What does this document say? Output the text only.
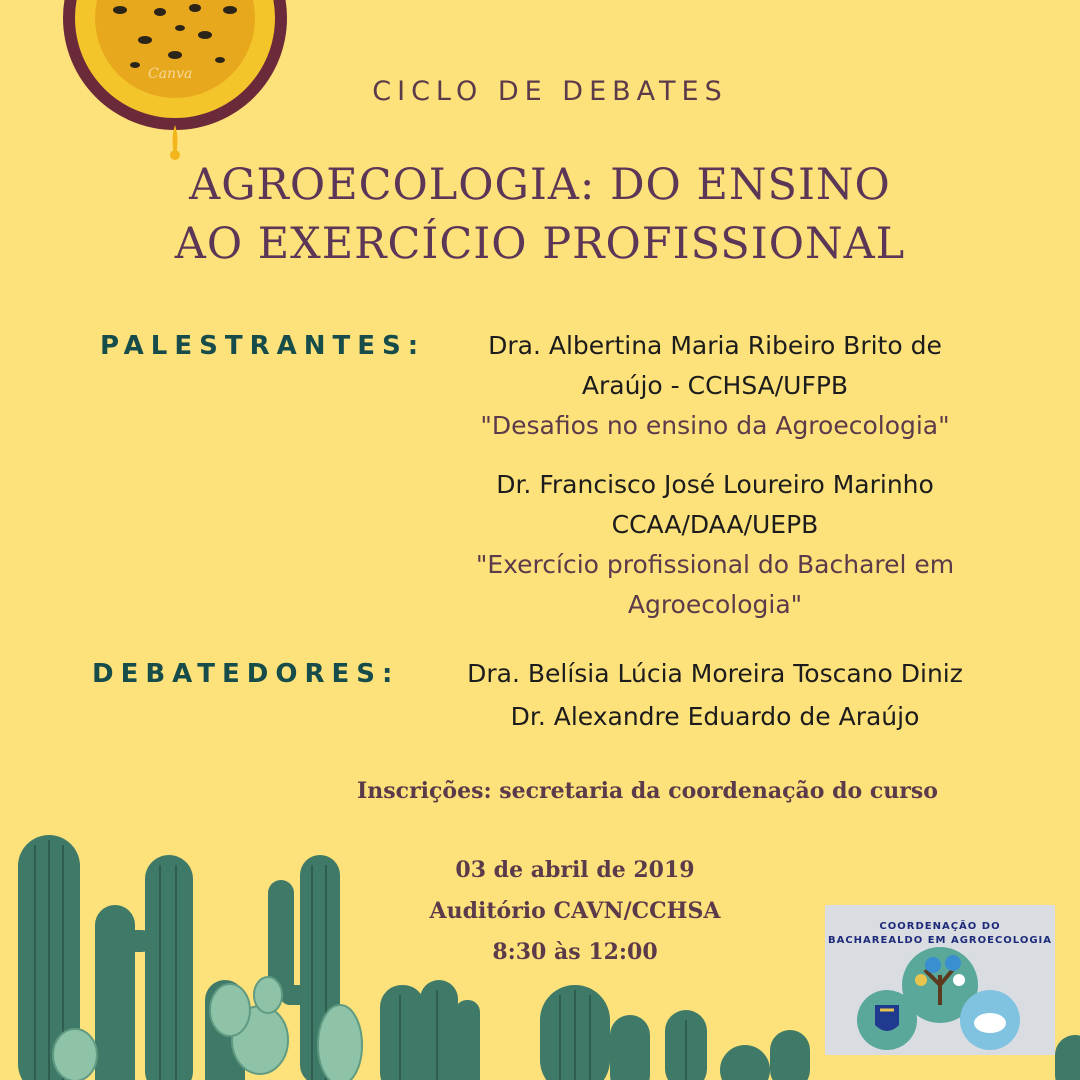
Canva

CICLO DE DEBATES

AGROECOLOGIA: DO ENSINO

AO EXERCÍCIO PROFISSIONAL

PALESTRANTES:	Dra. Albertina Maria Ribeiro Brito de

Araújo - CCHSA/UFPB

"Desafios no ensino da Agroecologia"

Dr. Francisco José Loureiro Marinho

CCAA/DAA/UEPB

"Exercício profissional do Bacharel em

Agroecologia"

DEBATEDORES:	Dra. Belísia Lúcia Moreira Toscano Diniz

Dr. Alexandre Eduardo de Araújo

Inscrições: secretaria da coordenação do curso

03 de abril de 2019

Auditório CAVN/CCHSA

8:30 às 12:00

COORDENAÇÃO DO
BACHAREALDO EM AGROECOLOGIA
